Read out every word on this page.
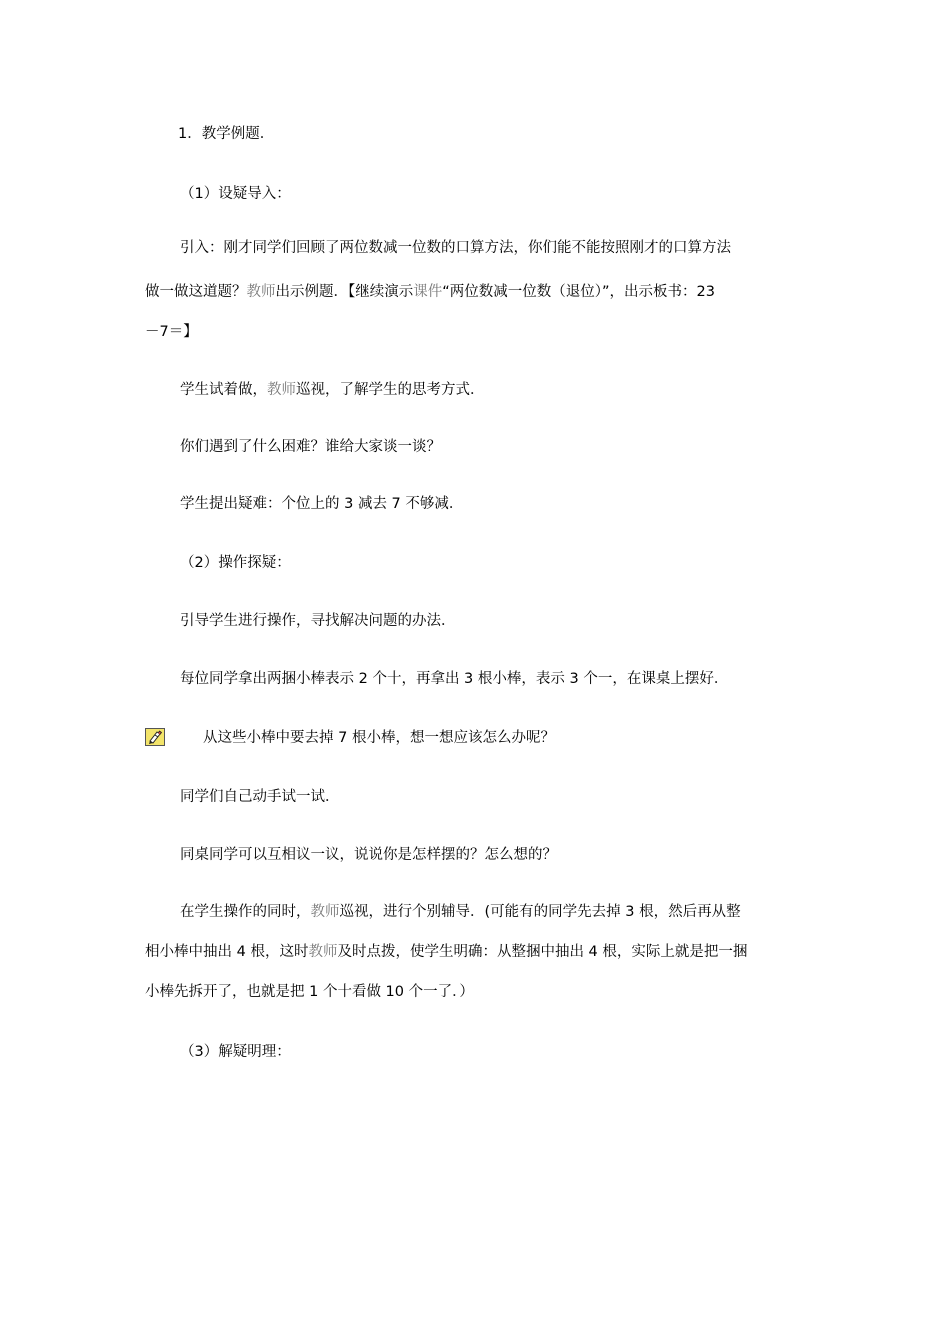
1．教学例题．
（1）设疑导入：
引入：刚才同学们回顾了两位数减一位数的口算方法，你们能不能按照刚才的口算方法
做一做这道题？教师出示例题．【继续演示课件“两位数减一位数（退位）”，出示板书：23
－7＝】
学生试着做，教师巡视，了解学生的思考方式．
你们遇到了什么困难？谁给大家谈一谈？
学生提出疑难：个位上的 3 减去 7 不够减．
（2）操作探疑：
引导学生进行操作，寻找解决问题的办法．
每位同学拿出两捆小棒表示 2 个十，再拿出 3 根小棒，表示 3 个一，在课桌上摆好．
从这些小棒中要去掉 7 根小棒，想一想应该怎么办呢？
同学们自己动手试一试．
同桌同学可以互相议一议，说说你是怎样摆的？怎么想的？
在学生操作的同时，教师巡视，进行个别辅导．(可能有的同学先去掉 3 根，然后再从整
相小棒中抽出 4 根，这时教师及时点拨，使学生明确：从整捆中抽出 4 根，实际上就是把一捆
小棒先拆开了，也就是把 1 个十看做 10 个一了．）
（3）解疑明理：
